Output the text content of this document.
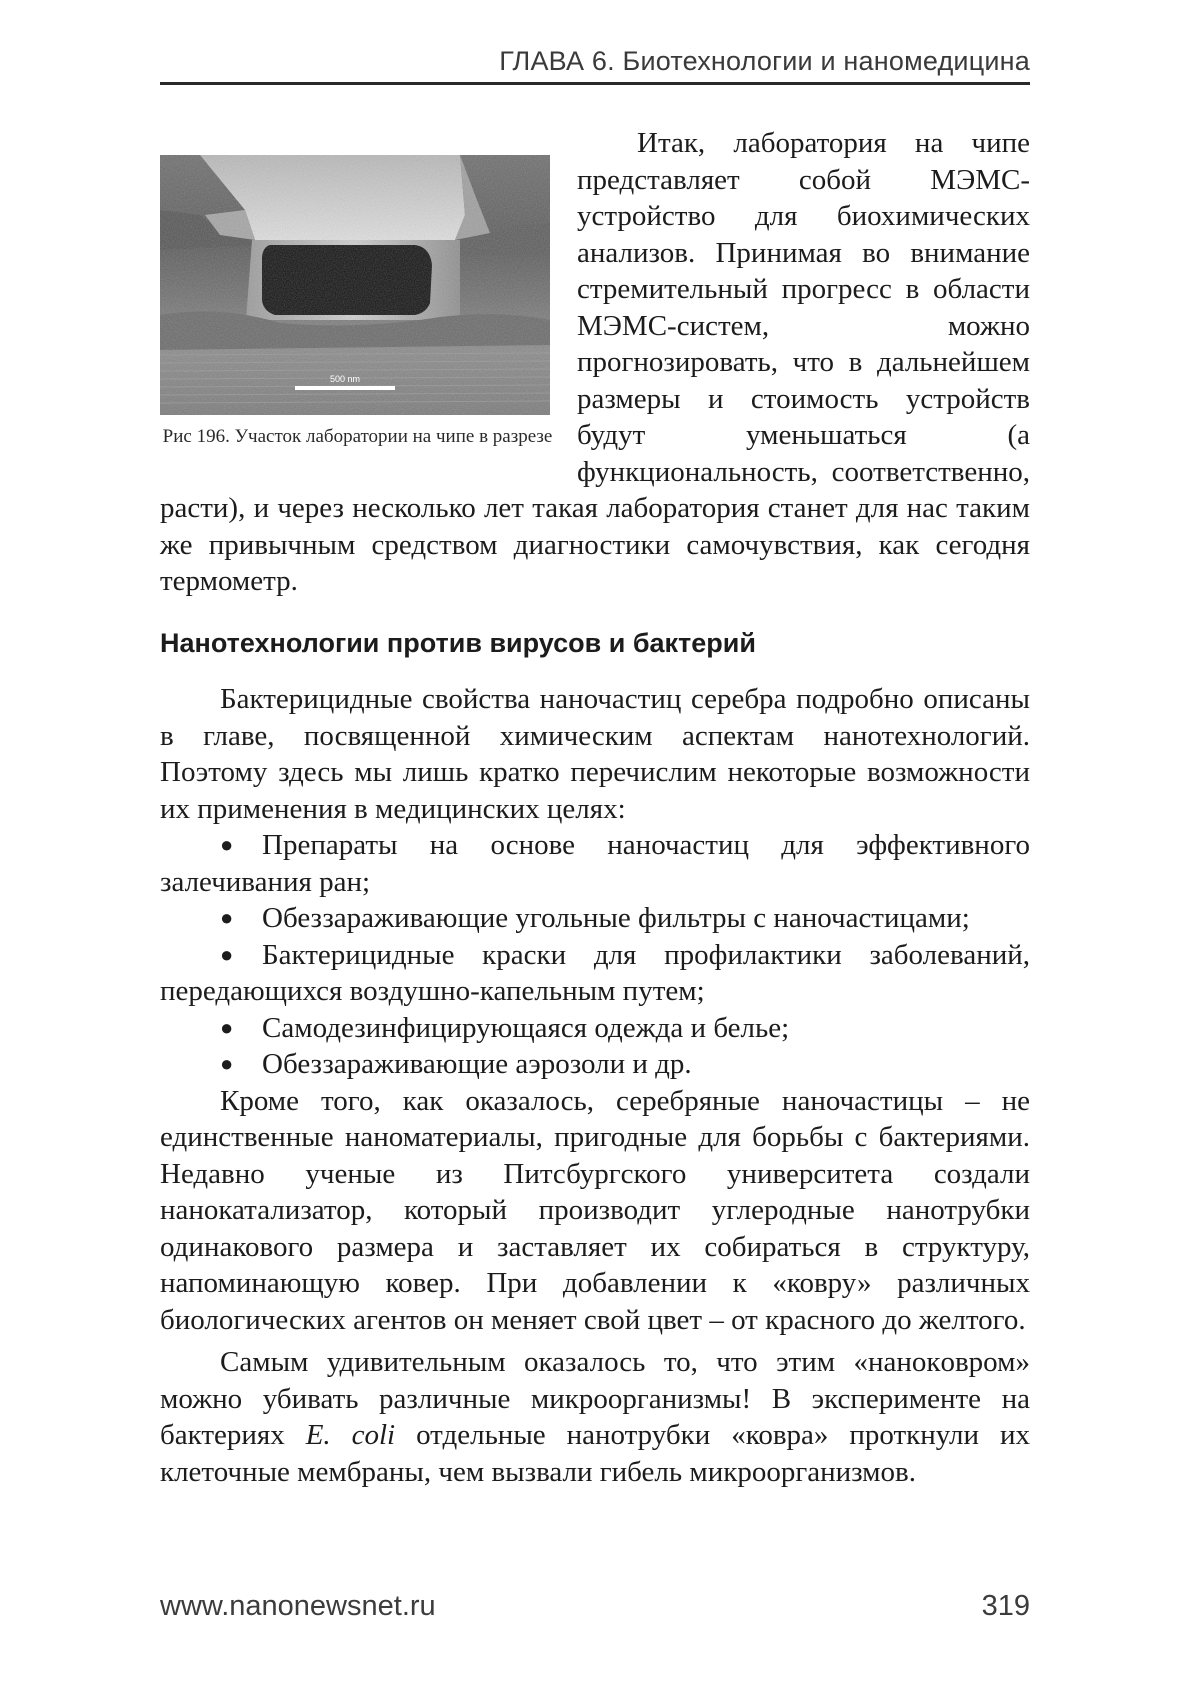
ГЛАВА 6. Биотехнологии и наномедицина
500 nm
Рис 196. Участок лаборатории на чипе в разрезе

Итак, лаборатория на чипе представляет собой МЭМС-устройство для биохимических анализов. Принимая во внимание стремительный прогресс в области МЭМС-систем, можно прогнозировать, что в дальнейшем размеры и стоимость устройств будут уменьшаться (а функциональность, соответственно, расти), и через несколько лет такая лаборатория станет для нас таким же привычным средством диагностики самочувствия, как сегодня термометр.

Нанотехнологии против вирусов и бактерий

Бактерицидные свойства наночастиц серебра подробно описаны в главе, посвященной химическим аспектам нанотехнологий. Поэтому здесь мы лишь кратко перечислим некоторые возможности их применения в медицинских целях:

● Препараты на основе наночастиц для эффективного залечивания ран;
● Обеззараживающие угольные фильтры с наночастицами;
● Бактерицидные краски для профилактики заболеваний, передающихся воздушно-капельным путем;
● Самодезинфицирующаяся одежда и белье;
● Обеззараживающие аэрозоли и др.

Кроме того, как оказалось, серебряные наночастицы – не единственные наноматериалы, пригодные для борьбы с бактериями. Недавно ученые из Питсбургского университета создали нанокатализатор, который производит углеродные нанотрубки одинакового размера и заставляет их собираться в структуру, напоминающую ковер. При добавлении к «ковру» различных биологических агентов он меняет свой цвет – от красного до желтого.

Самым удивительным оказалось то, что этим «нанокoвром» можно убивать различные микроорганизмы! В эксперименте на бактериях E. coli отдельные нанотрубки «ковра» проткнули их клеточные мембраны, чем вызвали гибель микроорганизмов.

www.nanonewsnet.ru	319
